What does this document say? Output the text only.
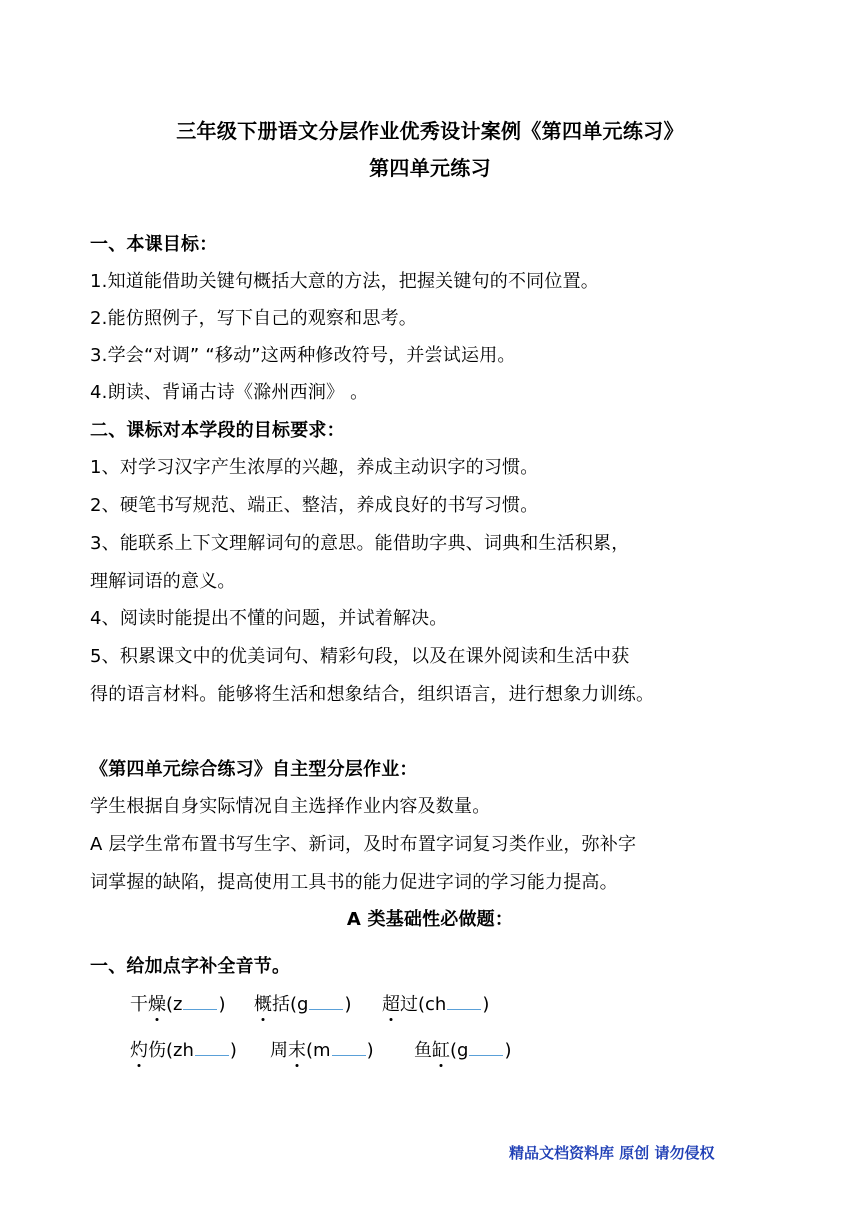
三年级下册语文分层作业优秀设计案例《第四单元练习》
第四单元练习
一、本课目标：
1.知道能借助关键句概括大意的方法，把握关键句的不同位置。
2.能仿照例子，写下自己的观察和思考。
3.学会“对调” “移动”这两种修改符号，并尝试运用。
4.朗读、背诵古诗《滁州西涧》 。
二、课标对本学段的目标要求：
1、对学习汉字产生浓厚的兴趣，养成主动识字的习惯。
2、硬笔书写规范、端正、整洁，养成良好的书写习惯。
3、能联系上下文理解词句的意思。能借助字典、词典和生活积累，
理解词语的意义。
4、阅读时能提出不懂的问题，并试着解决。
5、积累课文中的优美词句、精彩句段，以及在课外阅读和生活中获
得的语言材料。能够将生活和想象结合，组织语言，进行想象力训练。
《第四单元综合练习》自主型分层作业：
学生根据自身实际情况自主选择作业内容及数量。
A 层学生常布置书写生字、新词，及时布置字词复习类作业，弥补字
词掌握的缺陷，提高使用工具书的能力促进字词的学习能力提高。
A 类基础性必做题：
一、给加点字补全音节。
干燥(z ) 概括(g ) 超过(ch )
灼伤(zh ) 周末(m ) 鱼缸(g )
精品文档资料库 原创 请勿侵权
